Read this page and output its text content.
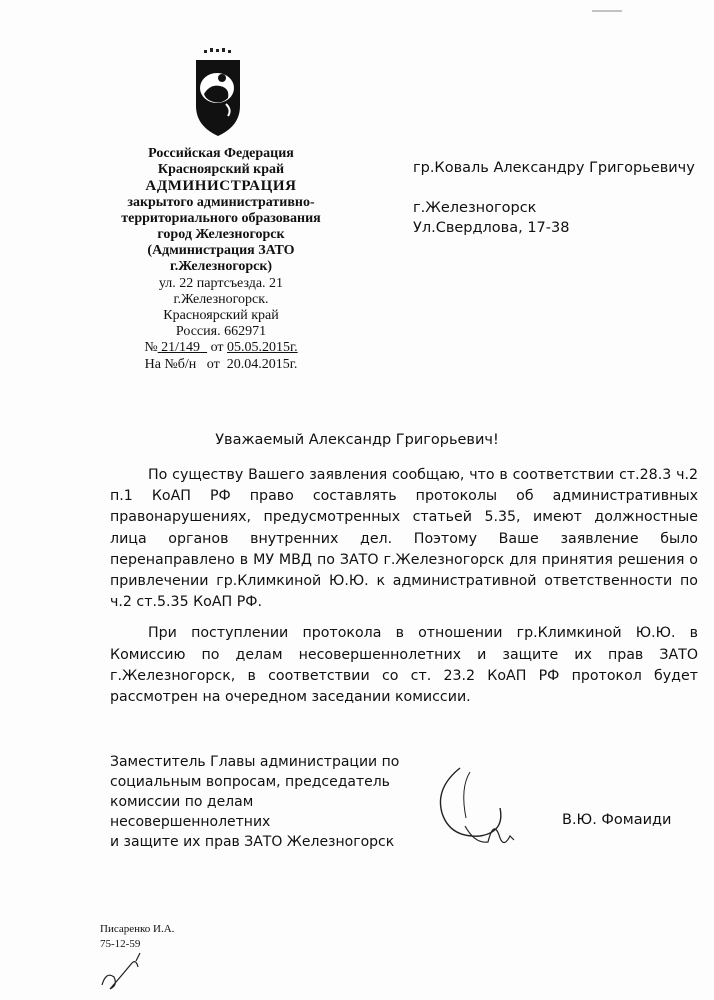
Российская Федерация
Красноярский край
АДМИНИСТРАЦИЯ
закрытого административно-
территориального образования
город Железногорск
(Администрация ЗАТО
г.Железногорск)
ул. 22 партсъезда. 21
г.Железногорск.
Красноярский край
Россия. 662971
№ 21/149 от 05.05.2015г.
На №б/н от 20.04.2015г.
гр.Коваль Александру Григорьевичу
г.Железногорск
Ул.Свердлова, 17-38
Уважаемый Александр Григорьевич!

По существу Вашего заявления сообщаю, что в соответствии ст.28.3 ч.2 п.1 КоАП РФ право составлять протоколы об административных правонарушениях, предусмотренных статьей 5.35, имеют должностные лица органов внутренних дел. Поэтому Ваше заявление было перенаправлено в МУ МВД по ЗАТО г.Железногорск для принятия решения о привлечении гр.Климкиной Ю.Ю. к административной ответственности по ч.2 ст.5.35 КоАП РФ.

При поступлении протокола в отношении гр.Климкиной Ю.Ю. в Комиссию по делам несовершеннолетних и защите их прав ЗАТО г.Железногорск, в соответствии со ст. 23.2 КоАП РФ протокол будет рассмотрен на очередном заседании комиссии.

Заместитель Главы администрации по
социальным вопросам, председатель
комиссии по делам несовершеннолетних
и защите их прав ЗАТО Железногорск
В.Ю. Фомаиди
Писаренко И.А.
75-12-59
